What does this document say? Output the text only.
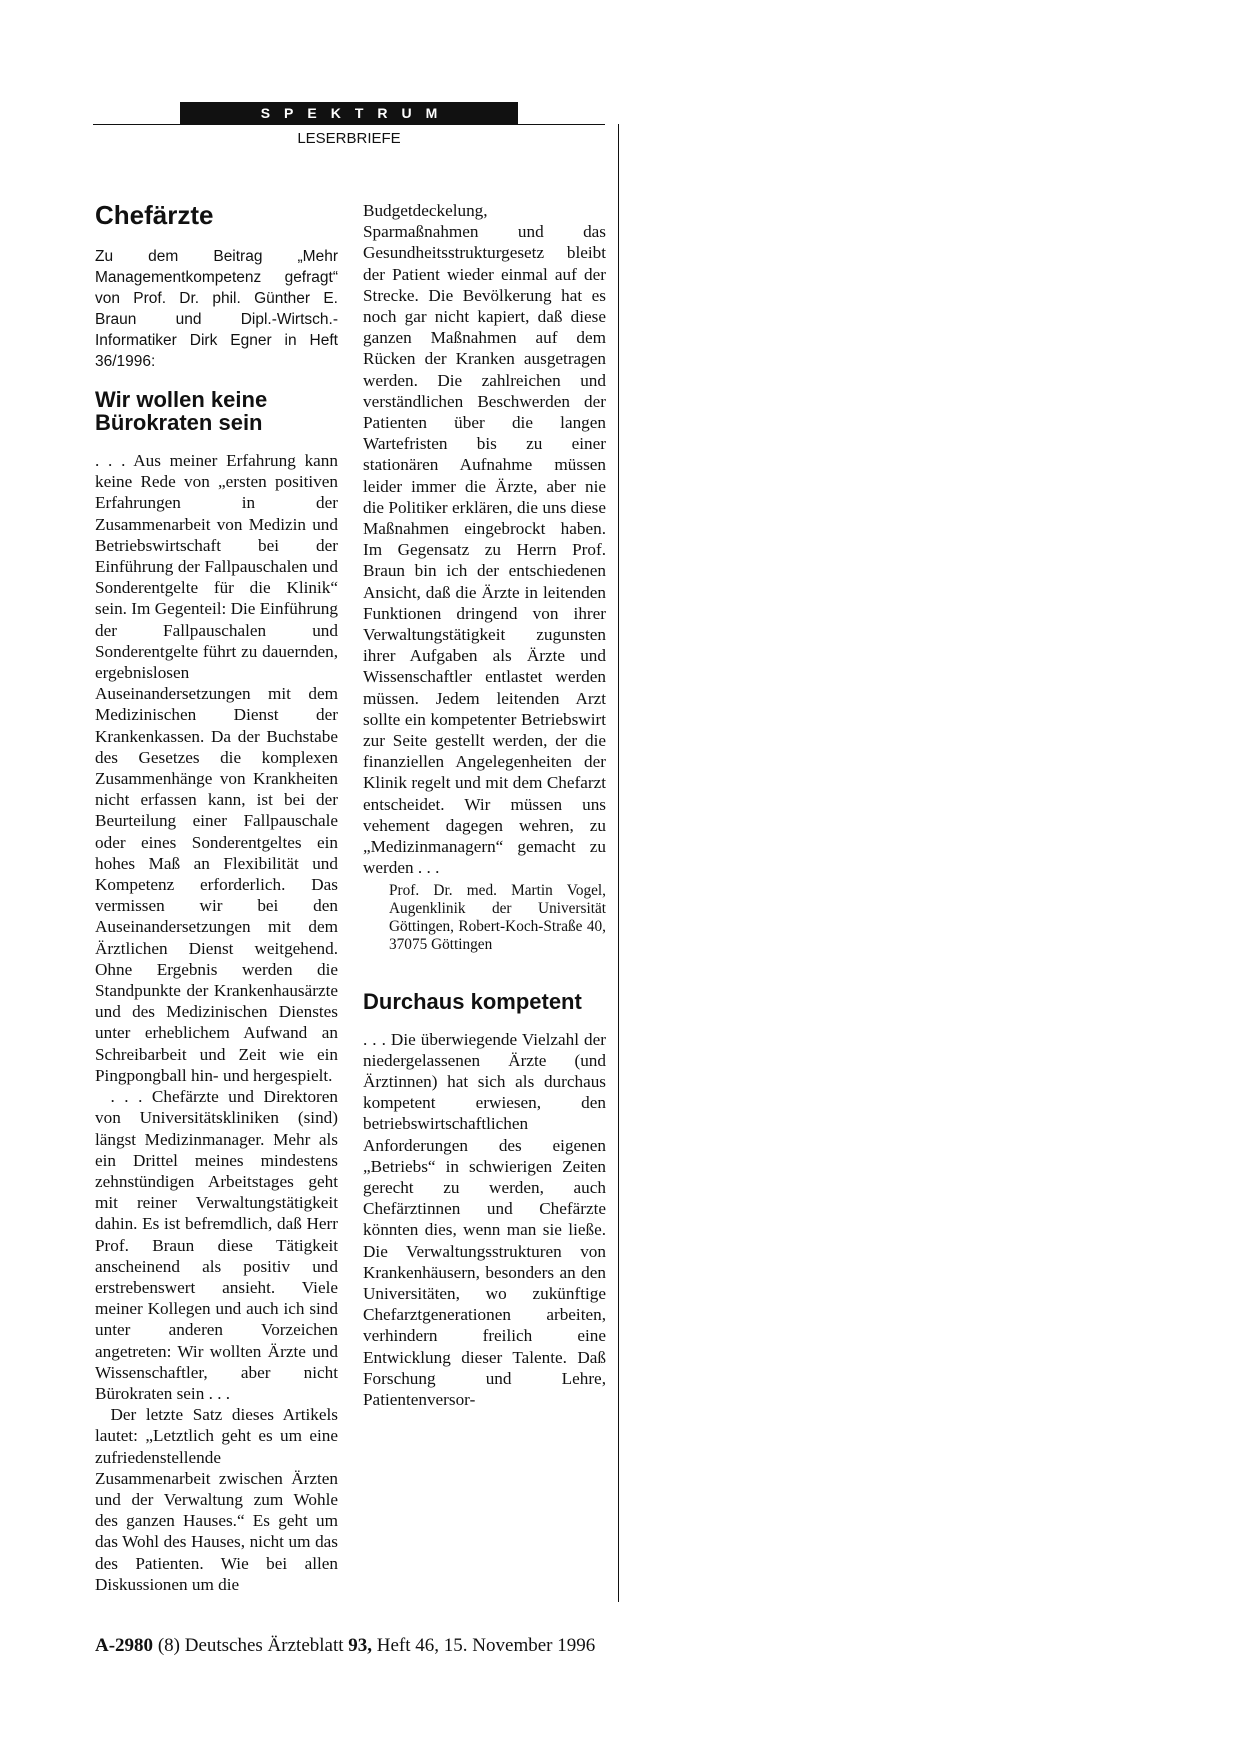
SPEKTRUM
LESERBRIEFE
Chefärzte

Zu dem Beitrag „Mehr Managementkompetenz gefragt“ von Prof. Dr. phil. Günther E. Braun und Dipl.-Wirtsch.-Informatiker Dirk Egner in Heft 36/1996:

Wir wollen keine Bürokraten sein

. . . Aus meiner Erfahrung kann keine Rede von „ersten positiven Erfahrungen in der Zusammenarbeit von Medizin und Betriebswirtschaft bei der Einführung der Fallpauschalen und Sonderentgelte für die Klinik“ sein. Im Gegenteil: Die Einführung der Fallpauschalen und Sonderentgelte führt zu dauernden, ergebnislosen Auseinandersetzungen mit dem Medizinischen Dienst der Krankenkassen. Da der Buchstabe des Gesetzes die komplexen Zusammenhänge von Krankheiten nicht erfassen kann, ist bei der Beurteilung einer Fallpauschale oder eines Sonderentgeltes ein hohes Maß an Flexibilität und Kompetenz erforderlich. Das vermissen wir bei den Auseinandersetzungen mit dem Ärztlichen Dienst weitgehend. Ohne Ergebnis werden die Standpunkte der Krankenhausärzte und des Medizinischen Dienstes unter erheblichem Aufwand an Schreibarbeit und Zeit wie ein Pingpongball hin- und hergespielt.

. . . Chefärzte und Direktoren von Universitätskliniken (sind) längst Medizinmanager. Mehr als ein Drittel meines mindestens zehnstündigen Arbeitstages geht mit reiner Verwaltungstätigkeit dahin. Es ist befremdlich, daß Herr Prof. Braun diese Tätigkeit anscheinend als positiv und erstrebenswert ansieht. Viele meiner Kollegen und auch ich sind unter anderen Vorzeichen angetreten: Wir wollten Ärzte und Wissenschaftler, aber nicht Bürokraten sein . . .

Der letzte Satz dieses Artikels lautet: „Letztlich geht es um eine zufriedenstellende Zusammenarbeit zwischen Ärzten und der Verwaltung zum Wohle des ganzen Hauses.“ Es geht um das Wohl des Hauses, nicht um das des Patienten. Wie bei allen Diskussionen um die

Budgetdeckelung, Sparmaßnahmen und das Gesundheitsstrukturgesetz bleibt der Patient wieder einmal auf der Strecke. Die Bevölkerung hat es noch gar nicht kapiert, daß diese ganzen Maßnahmen auf dem Rücken der Kranken ausgetragen werden. Die zahlreichen und verständlichen Beschwerden der Patienten über die langen Wartefristen bis zu einer stationären Aufnahme müssen leider immer die Ärzte, aber nie die Politiker erklären, die uns diese Maßnahmen eingebrockt haben. Im Gegensatz zu Herrn Prof. Braun bin ich der entschiedenen Ansicht, daß die Ärzte in leitenden Funktionen dringend von ihrer Verwaltungstätigkeit zugunsten ihrer Aufgaben als Ärzte und Wissenschaftler entlastet werden müssen. Jedem leitenden Arzt sollte ein kompetenter Betriebswirt zur Seite gestellt werden, der die finanziellen Angelegenheiten der Klinik regelt und mit dem Chefarzt entscheidet. Wir müssen uns vehement dagegen wehren, zu „Medizinmanagern“ gemacht zu werden . . .

Prof. Dr. med. Martin Vogel, Augenklinik der Universität Göttingen, Robert-Koch-Straße 40, 37075 Göttingen

Durchaus kompetent

. . . Die überwiegende Vielzahl der niedergelassenen Ärzte (und Ärztinnen) hat sich als durchaus kompetent erwiesen, den betriebswirtschaftlichen Anforderungen des eigenen „Betriebs“ in schwierigen Zeiten gerecht zu werden, auch Chefärztinnen und Chefärzte könnten dies, wenn man sie ließe. Die Verwaltungsstrukturen von Krankenhäusern, besonders an den Universitäten, wo zukünftige Chefarztgenerationen arbeiten, verhindern freilich eine Entwicklung dieser Talente. Daß Forschung und Lehre, Patientenversor-

A-2980 (8) Deutsches Ärzteblatt 93, Heft 46, 15. November 1996
